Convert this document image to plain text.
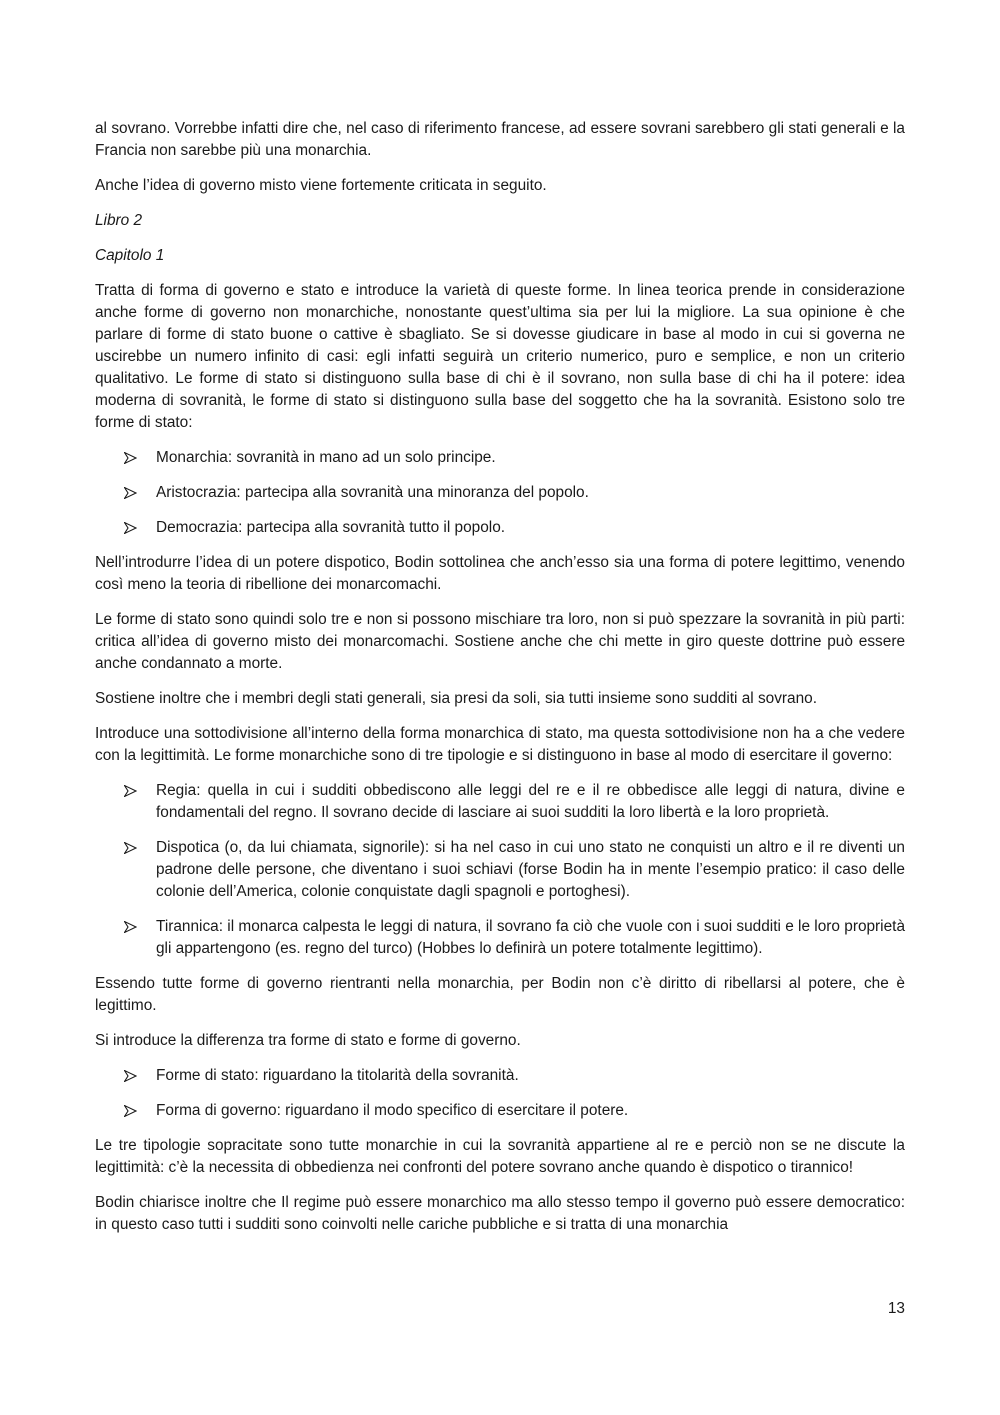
al sovrano. Vorrebbe infatti dire che, nel caso di riferimento francese, ad essere sovrani sarebbero gli stati generali e la Francia non sarebbe più una monarchia.

Anche l’idea di governo misto viene fortemente criticata in seguito.

Libro 2

Capitolo 1

Tratta di forma di governo e stato e introduce la varietà di queste forme. In linea teorica prende in considerazione anche forme di governo non monarchiche, nonostante quest’ultima sia per lui la migliore. La sua opinione è che parlare di forme di stato buone o cattive è sbagliato. Se si dovesse giudicare in base al modo in cui si governa ne uscirebbe un numero infinito di casi: egli infatti seguirà un criterio numerico, puro e semplice, e non un criterio qualitativo. Le forme di stato si distinguono sulla base di chi è il sovrano, non sulla base di chi ha il potere: idea moderna di sovranità, le forme di stato si distinguono sulla base del soggetto che ha la sovranità. Esistono solo tre forme di stato:

Monarchia: sovranità in mano ad un solo principe.
Aristocrazia: partecipa alla sovranità una minoranza del popolo.
Democrazia: partecipa alla sovranità tutto il popolo.

Nell’introdurre l’idea di un potere dispotico, Bodin sottolinea che anch’esso sia una forma di potere legittimo, venendo così meno la teoria di ribellione dei monarcomachi.

Le forme di stato sono quindi solo tre e non si possono mischiare tra loro, non si può spezzare la sovranità in più parti: critica all’idea di governo misto dei monarcomachi. Sostiene anche che chi mette in giro queste dottrine può essere anche condannato a morte.

Sostiene inoltre che i membri degli stati generali, sia presi da soli, sia tutti insieme sono sudditi al sovrano.

Introduce una sottodivisione all’interno della forma monarchica di stato, ma questa sottodivisione non ha a che vedere con la legittimità. Le forme monarchiche sono di tre tipologie e si distinguono in base al modo di esercitare il governo:

Regia: quella in cui i sudditi obbediscono alle leggi del re e il re obbedisce alle leggi di natura, divine e fondamentali del regno. Il sovrano decide di lasciare ai suoi sudditi la loro libertà e la loro proprietà.
Dispotica (o, da lui chiamata, signorile): si ha nel caso in cui uno stato ne conquisti un altro e il re diventi un padrone delle persone, che diventano i suoi schiavi (forse Bodin ha in mente l’esempio pratico: il caso delle colonie dell’America, colonie conquistate dagli spagnoli e portoghesi).
Tirannica: il monarca calpesta le leggi di natura, il sovrano fa ciò che vuole con i suoi sudditi e le loro proprietà gli appartengono (es. regno del turco) (Hobbes lo definirà un potere totalmente legittimo).

Essendo tutte forme di governo rientranti nella monarchia, per Bodin non c’è diritto di ribellarsi al potere, che è legittimo.

Si introduce la differenza tra forme di stato e forme di governo.

Forme di stato: riguardano la titolarità della sovranità.
Forma di governo: riguardano il modo specifico di esercitare il potere.

Le tre tipologie sopracitate sono tutte monarchie in cui la sovranità appartiene al re e perciò non se ne discute la legittimità: c’è la necessita di obbedienza nei confronti del potere sovrano anche quando è dispotico o tirannico!

Bodin chiarisce inoltre che Il regime può essere monarchico ma allo stesso tempo il governo può essere democratico: in questo caso tutti i sudditi sono coinvolti nelle cariche pubbliche e si tratta di una monarchia

13
